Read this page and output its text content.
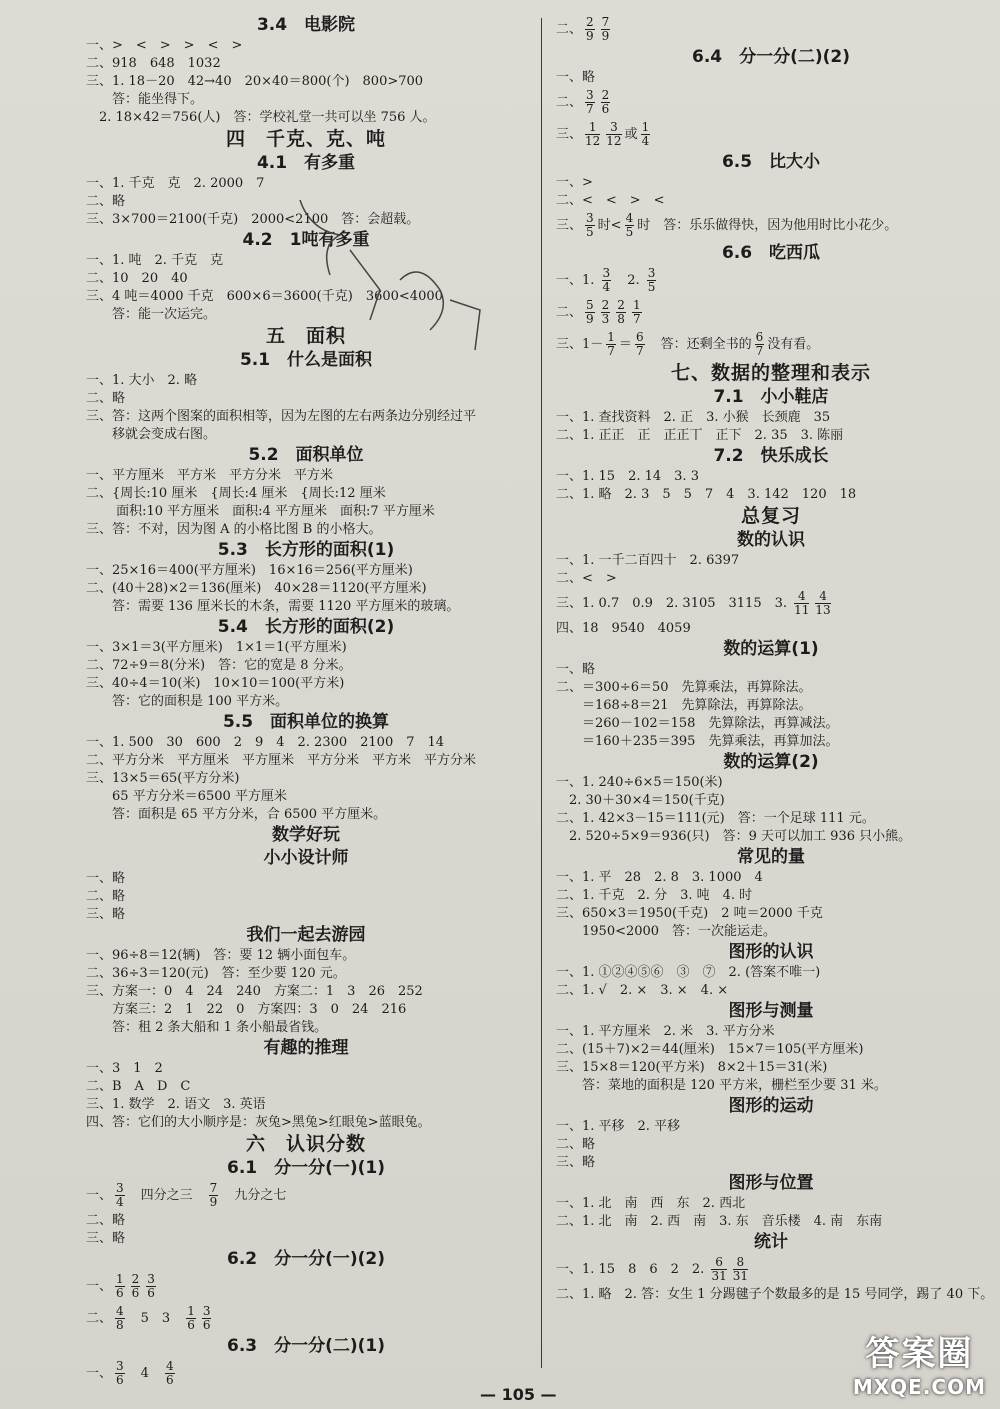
3.4　电影院
一、>　<　>　>　<　>
二、918　648　1032
三、1. 18－20　42→40　20×40＝800(个)　800>700
　　答：能坐得下。
　2. 18×42＝756(人)　答：学校礼堂一共可以坐 756 人。
四　千克、克、吨
4.1　有多重
一、1. 千克　克　2. 2000　7
二、略
三、3×700＝2100(千克)　2000<2100　答：会超载。
4.2　1吨有多重
一、1. 吨　2. 千克　克
二、10　20　40
三、4 吨＝4000 千克　600×6＝3600(千克)　3600<4000
　　答：能一次运完。
五　面积
5.1　什么是面积
一、1. 大小　2. 略
二、略
三、答：这两个图案的面积相等，因为左图的左右两条边分别经过平
　　移就会变成右图。
5.2　面积单位
一、平方厘米　平方米　平方分米　平方米
二、{周长:10 厘米　{周长:4 厘米　{周长:12 厘米
　　 面积:10 平方厘米　面积:4 平方厘米　面积:7 平方厘米
三、答：不对，因为图 A 的小格比图 B 的小格大。
5.3　长方形的面积(1)
一、25×16＝400(平方厘米)　16×16＝256(平方厘米)
二、(40＋28)×2＝136(厘米)　40×28＝1120(平方厘米)
　　答：需要 136 厘米长的木条，需要 1120 平方厘米的玻璃。
5.4　长方形的面积(2)
一、3×1＝3(平方厘米)　1×1＝1(平方厘米)
二、72÷9＝8(分米)　答：它的宽是 8 分米。
三、40÷4＝10(米)　10×10＝100(平方米)
　　答：它的面积是 100 平方米。
5.5　面积单位的换算
一、1. 500　30　600　2　9　4　2. 2300　2100　7　14
二、平方分米　平方厘米　平方厘米　平方分米　平方米　平方分米
三、13×5＝65(平方分米)
　　65 平方分米＝6500 平方厘米
　　答：面积是 65 平方分米，合 6500 平方厘米。
数学好玩
小小设计师
一、略
二、略
三、略
我们一起去游园
一、96÷8＝12(辆)　答：要 12 辆小面包车。
二、36÷3＝120(元)　答：至少要 120 元。
三、方案一：0　4　24　240　方案二：1　3　26　252
　　方案三：2　1　22　0　方案四：3　0　24　216
　　答：租 2 条大船和 1 条小船最省钱。
有趣的推理
一、3　1　2
二、B　A　D　C
三、1. 数学　2. 语文　3. 英语
四、答：它们的大小顺序是：灰兔>黑兔>红眼兔>蓝眼兔。
六　认识分数
6.1　分一分(一)(1)
一、 $\frac{3}{4}$ 　四分之三　 $\frac{7}{9}$ 　九分之七
二、略
三、略
6.2　分一分(一)(2)
一、 $\frac{1}{6} \frac{2}{6} \frac{3}{6}$
二、 $\frac{4}{8}$ 　5　3　 $\frac{1}{6} \frac{3}{6}$
6.3　分一分(二)(1)
一、 $\frac{3}{6}$ 　4　 $\frac{4}{6}$
二、 $\frac{2}{9} \frac{7}{9}$
6.4　分一分(二)(2)
一、略
二、 $\frac{3}{7} \frac{2}{6}$
三、 $\frac{1}{12} \frac{3}{12}$ 或 $\frac{1}{4}$
6.5　比大小
一、>
二、<　<　>　<
三、 $\frac{3}{5}$ 时< $\frac{4}{5}$ 时　答：乐乐做得快，因为他用时比小花少。
6.6　吃西瓜
一、1. $\frac{3}{4}$ 　2. $\frac{3}{5}$
二、 $\frac{5}{9} \frac{2}{3} \frac{2}{8} \frac{1}{7}$
三、$1- \frac{1}{7} = \frac{6}{7}$ 　答：还剩全书的 $\frac{6}{7}$ 没有看。
七、数据的整理和表示
7.1　小小鞋店
一、1. 查找资料　2. 正　3. 小猴　长颈鹿　35
二、1. 正正　正　正正丅　正下　2. 35　3. 陈丽
7.2　快乐成长
一、1. 15　2. 14　3. 3
二、1. 略　2. 3　5　5　7　4　3. 142　120　18
总复习
数的认识
一、1. 一千二百四十　2. 6397
二、<　>
三、1. 0.7　0.9　2. 3105　3115　3. $\frac{4}{11} \frac{4}{13}$
四、18　9540　4059
数的运算(1)
一、略
二、＝300÷6＝50　先算乘法，再算除法。
　　＝168÷8＝21　先算除法，再算除法。
　　＝260－102＝158　先算除法，再算减法。
　　＝160＋235＝395　先算乘法，再算加法。
数的运算(2)
一、1. 240÷6×5＝150(米)
　2. 30＋30×4＝150(千克)
二、1. 42×3－15＝111(元)　答：一个足球 111 元。
　2. 520÷5×9＝936(只)　答：9 天可以加工 936 只小熊。
常见的量
一、1. 平　28　2. 8　3. 1000　4
二、1. 千克　2. 分　3. 吨　4. 时
三、650×3＝1950(千克)　2 吨＝2000 千克
　　1950<2000　答：一次能运走。
图形的认识
一、1. ①②④⑤⑥　③　⑦　2. (答案不唯一)
二、1. √　2. ×　3. ×　4. ×
图形与测量
一、1. 平方厘米　2. 米　3. 平方分米
二、(15＋7)×2＝44(厘米)　15×7＝105(平方厘米)
三、15×8＝120(平方米)　8×2＋15＝31(米)
　　答：菜地的面积是 120 平方米，栅栏至少要 31 米。
图形的运动
一、1. 平移　2. 平移
二、略
三、略
图形与位置
一、1. 北　南　西　东　2. 西北
二、1. 北　南　2. 西　南　3. 东　音乐楼　4. 南　东南
统计
一、1. 15　8　6　2　2. $\frac{6}{31} \frac{8}{31}$
二、1. 略　2. 答：女生 1 分踢毽子个数最多的是 15 号同学，踢了 40 下。
— 105 —
答案圈
MXQE.COM
